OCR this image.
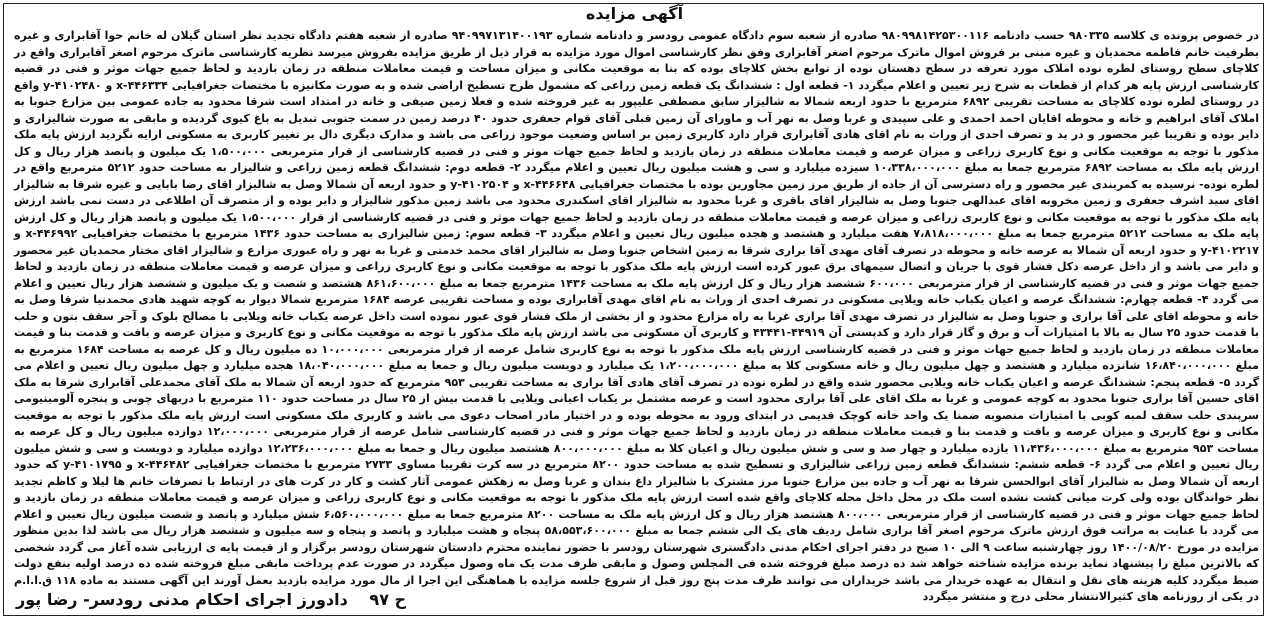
آگهی مزایده
در خصوص پرونده ی کلاسه ۹۸۰۳۳۵ حسب دادنامه ۹۸۰۹۹۸۱۴۲۵۳۰۰۱۱۶ صادره از شعبه سوم دادگاه عمومی رودسر و دادنامه شماره ۹۴۰۹۹۷۱۳۱۴۰۰۱۹۳ صادره از شعبه هفتم دادگاه تجدید نظر استان گیلان له خانم حوا آقابراری و غیره بطرفیت خانم فاطمه محمدیان و غیره مبنی بر فروش اموال ماترک مرحوم اصغر آقابراری وفق نظر کارشناسی اموال مورد مزایده به قرار ذیل از طریق مزایده بفروش میرسد نظریه کارشناسی ماترک مرحوم اصغر آقابراری واقع در کلاچای سطح روستای لطره نوده املاک مورد تعرفه در سطح دهستان نوده از توابع بخش کلاچای بوده که بنا به موقعیت مکانی و میزان مساحت و قیمت معاملات منطقه در زمان بازدید و لحاظ جمیع جهات موثر و فنی در قضیه کارشناسی ارزش پایه هر کدام از قطعات به شرح زیر تعیین و اعلام میگردد ۱- قطعه اول : ششدانگ یک قطعه زمین زراعی که مشمول طرح تسطیح اراضی شده و به صورت مکانیزه با مختصات جغرافیایی ۴۴۶۳۳۴-x و ۴۱۰۲۴۸۰-y واقع در روستای لطره نوده کلاچای به مساحت تقریبی ۶۸۹۲ مترمربع با حدود اربعه شمالا به شالیزار سابق مصطفی علیپور به غیر فروخته شده و فعلا زمین صیفی و خانه در امتداد است شرقا محدود به جاده عمومی بین مزارع جنوبا به املاک آقای ابراهیم و خانه و محوطه اقایان احمد احمدی و علی سپیدی و غربا وصل به نهر آب و ماورای آن زمین قبلی آقای قوام جعفری حدود ۴۰ درصد زمین در سمت جنوبی تبدیل به باغ کیوی گردیده و مابقی به صورت شالیزاری و دایر بوده و تقریبا غیر محصور و در ید و تصرف احدی از وراث به نام اقای هادی آقابراری قرار دارد کاربری زمین بر اساس وضعیت موجود زراعی می باشد و مدارک دیگری دال بر تغییر کاربری به مسکونی ارایه نگردید ارزش پایه ملک مذکور با توجه به موقعیت مکانی و نوع کاربری زراعی و میزان عرصه و قیمت معاملات منطقه در زمان بازدید و لحاظ جمیع جهات موثر و فنی در قضیه کارشناسی از قرار مترمربعی ۱،۵۰۰،۰۰۰ یک میلیون و پانصد هزار ریال و کل ارزش پایه ملک به مساحت ۶۸۹۲ مترمربع جمعا به مبلغ ۱۰،۳۳۸،۰۰۰،۰۰۰ سیزده میلیارد و سی و هشت میلیون ریال تعیین و اعلام میگردد ۲- قطعه دوم: ششدانگ قطعه زمین زراعی و شالیزار به مساحت حدود ۵۲۱۲ مترمربع واقع در لطره نوده- نرسیده به کمربندی غیر محصور و راه دسترسی آن از جاده از طریق مرز زمین مجاورین بوده با مختصات جغرافیایی ۴۴۶۶۴۸-x و ۴۱۰۲۵۰۴-y و حدود اربعه آن شمالا وصل به شالیزار اقای رضا بابایی و غیره شرقا به شالیزار اقای سید اشرف جعفری و زمین مخروبه اقای عبدالهی جنوبا وصل به شالیزار اقای باقری و غربا محدود به شالیزار اقای اسکندری محدود می باشد زمین مذکور شالیزار و دایر بوده و از متصرف آن اطلاعی در دست نمی باشد ارزش پایه ملک مذکور با توجه به موقعیت مکانی و نوع کاربری زراعی و میزان عرصه و قیمت معاملات منطقه در زمان بازدید و لحاظ جمیع جهات موثر و فنی در قضیه کارشناسی از قرار ۱،۵۰۰،۰۰۰ یک میلیون و پانصد هزار ریال و کل ارزش پایه ملک به مساحت ۵۲۱۲ مترمربع جمعا به مبلغ ۷،۸۱۸،۰۰۰،۰۰۰ هفت میلیارد و هشتصد و هجده میلیون ریال تعیین و اعلام میگردد ۳- قطعه سوم: زمین شالیزاری به مساحت حدود ۱۴۳۶ مترمربع با مختصات جغرافیایی ۴۴۶۹۹۲-x و ۴۱۰۲۲۱۷-y و حدود اربعه آن شمالا به عرصه خانه و محوطه در تصرف آقای مهدی آقا براری شرقا به زمین اشخاص جنوبا وصل به شالیزار اقای محمد خدمتی و غربا به نهر و راه عبوری مزارع و شالیزار اقای مختار محمدیان غیر محصور و دایر می باشد و از داخل عرصه دکل فشار قوی با جریان و اتصال سیمهای برق عبور کرده است ارزش پایه ملک مذکور با توجه به موقعیت مکانی و نوع کاربری زراعی و میزان عرصه و قیمت معاملات منطقه در زمان بازدید و لحاظ جمیع جهات موثر و فنی در قضیه کارشناسی از قرار مترمربعی ۶۰۰،۰۰۰ ششصد هزار ریال و کل ارزش پایه ملک به مساحت ۱۴۳۶ مترمربع جمعا به مبلغ ۸۶۱،۶۰۰،۰۰۰ هشتصد و شصت و یک میلیون و ششصد هزار ریال تعیین و اعلام می گردد ۴- قطعه چهارم: ششدانگ عرصه و اعیان یکباب خانه ویلایی مسکونی در تصرف احدی از وراث به نام اقای مهدی آقابراری بوده و مساحت تقریبی عرصه ۱۶۸۴ مترمربع شمالا دیوار به کوچه شهید هادی محمدنیا شرقا وصل به خانه و محوطه اقای علی آقا براری و جنوبا وصل به شالیزار در تصرف مهدی آقا براری غربا به راه مزارع محدود و از بخشی از ملک فشار قوی عبور نموده است داخل عرصه یکباب خانه ویلایی با مصالح بلوک و آجر سقف بتون و حلب با قدمت حدود ۲۵ سال به بالا با امتیازات آب و برق و گاز قرار دارد و کدپستی آن ۴۴۹۱۹-۴۳۴۴۱ و کاربری آن مسکونی می باشد ارزش پایه ملک مذکور با توجه به موقعیت مکانی و نوع کاربری و میزان عرصه و بافت و قدمت بنا و قیمت معاملات منطقه در زمان بازدید و لحاظ جمیع جهات موثر و فنی در قضیه کارشناسی ارزش پایه ملک مذکور با توجه به نوع کاربری شامل عرصه از قرار مترمربعی ۱۰،۰۰۰،۰۰۰ ده میلیون ریال و کل عرصه به مساحت ۱۶۸۴ مترمربع به مبلغ ۱۶،۸۴۰،۰۰۰،۰۰۰ شانزده میلیارد و هشتصد و چهل میلیون ریال و خانه مسکونی کلا به مبلغ ۱،۲۰۰،۰۰۰،۰۰۰ یک میلیارد و دویست میلیون ریال و جمعا به مبلغ ۱۸،۰۴۰،۰۰۰،۰۰۰ هجده میلیارد و چهل میلیون ریال تعیین و اعلام می گردد ۵- قطعه پنجم: ششدانگ عرصه و اعیان یکباب خانه ویلایی محصور شده واقع در لطره نوده در تصرف آقای هادی آقا براری به مساحت تقریبی ۹۵۳ مترمربع که حدود اربعه آن شمالا به ملک آقای محمدعلی آقابراری شرقا به ملک اقای حسین آقا براری جنوبا محدود به کوچه عمومی و غربا به ملک اقای علی آقا براری محدود است و عرصه مشتمل بر یکباب اعیانی ویلایی با قدمت بیش از ۲۵ سال در مساحت حدود ۱۱۰ مترمربع با دربهای چوبی و پنجره آلومینیومی سرپندی حلب سقف لمبه کوبی با امتیازات منصوبه ضمنا یک واحد خانه کوچک قدیمی در ابتدای ورود به محوطه بوده و در اختیار مادر اصحاب دعوی می باشد و کاربری ملک مسکونی است ارزش پایه ملک مذکور با توجه به موقعیت مکانی و نوع کاربری و میزان عرصه و بافت و قدمت بنا و قیمت معاملات منطقه در زمان بازدید و لحاظ جمیع جهات موثر و فنی در قضیه کارشناسی شامل عرصه از قرار مترمربعی ۱۲،۰۰۰،۰۰۰ دوازده میلیون ریال و کل عرصه به مساحت ۹۵۳ مترمربع به مبلغ ۱۱،۴۳۶،۰۰۰،۰۰۰ یازده میلیارد و چهار صد و سی و شش میلیون ریال و اعیان کلا به مبلغ ۸۰۰،۰۰۰،۰۰۰ هشتصد میلیون ریال و جمعا به مبلغ ۱۲،۲۳۶،۰۰۰،۰۰۰ دوازده میلیارد و دویست و سی و شش میلیون ریال تعیین و اعلام می گردد ۶- قطعه ششم: ششدانگ قطعه زمین زراعی شالیزاری و تسطیح شده به مساحت حدود ۸۲۰۰ مترمربع در سه کرت تقریبا مساوی ۲۷۳۳ مترمربع با مختصات جغرافیایی ۴۴۶۴۸۲-x و ۴۱۰۱۷۹۵-y که حدود اربعه آن شمالا وصل به شالیزار آقای ابوالحسن شرقا به نهر آب و جاده بین مزارع جنوبا مرز مشترک با شالیزار داغ بندان و غربا وصل به زهکش عمومی آثار کشت و کار در کرت های در ارتباط با تصرفات خانم ها لیلا و کاظم تجدید نظر خواندگان بوده ولی کرت میانی کشت نشده است ملک در محل داخل محله کلاچای واقع شده است ارزش پایه ملک مذکور با توجه به موقعیت مکانی و نوع کاربری زراعی و میزان عرصه و قیمت معاملات منطقه در زمان بازدید و لحاظ جمیع جهات موثر و فنی در قضیه کارشناسی از قرار مترمربعی ۸۰۰،۰۰۰ هشتصد هزار ریال و کل ارزش پایه ملک به مساحت ۸۲۰۰ مترمربع جمعا به مبلغ ۶،۵۶۰،۰۰۰،۰۰۰ شش میلیارد و پانصد و شصت میلیون ریال تعیین و اعلام می گردد با عنایت به مراتب فوق ارزش ماترک مرحوم اصغر آقا براری شامل ردیف های یک الی ششم جمعا به مبلغ ۵۸،۵۵۳،۶۰۰،۰۰۰ پنجاه و هشت میلیارد و پانصد و پنجاه و سه میلیون و ششصد هزار ریال می باشد لذا بدین منظور مزایده در مورخ ۱۴۰۰/۰۸/۲۰ روز چهارشنبه ساعت ۹ الی ۱۰ صبح در دفتر اجرای احکام مدنی دادگستری شهرستان رودسر با حضور نماینده محترم دادستان شهرستان رودسر برگزار و از قیمت پایه ی ارزیابی شده آغاز می گردد شخصی که بالاترین مبلغ را پیشنهاد نماید برنده مزایده شناخته خواهد شد ده درصد مبلغ فروخته شده فی المجلس وصول و مابقی ظرف مدت یک ماه وصول میگردد در صورت عدم پرداخت مابقی مبلغ فروخته شده ده درصد اولیه بنفع دولت ضبط میگردد کلیه هزینه های نقل و انتقال به عهده خریدار می باشد خریداران می توانند ظرف مدت پنج روز قبل از شروع جلسه مزایده با هماهنگی این اجرا از مال مورد مزایده بازدید بعمل آورند این آگهی مستند به ماده ۱۱۸ ق.ا.ا.م در یکی از روزنامه های کثیرالانتشار محلی درج و منتشر میگردد
ح ۹۷ دادورز اجرای احکام مدنی رودسر- رضا پور
